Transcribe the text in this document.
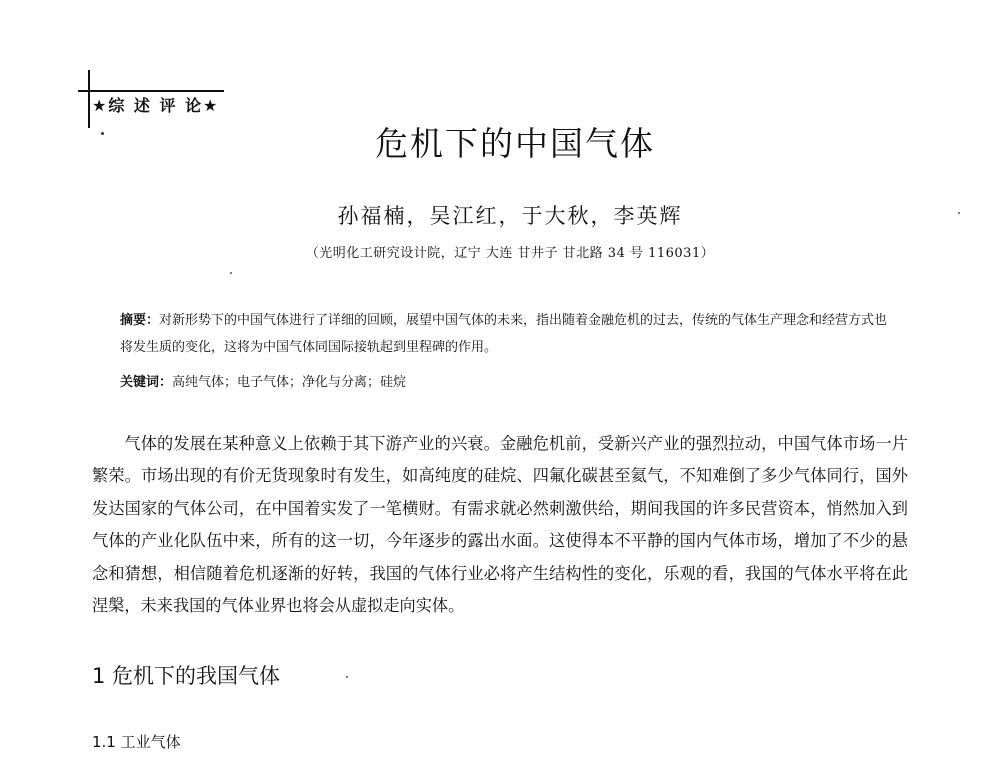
★综 述 评 论★
危机下的中国气体
孙福楠，吴江红，于大秋，李英辉
（光明化工研究设计院，辽宁 大连 甘井子 甘北路 34 号 116031）
摘要：对新形势下的中国气体进行了详细的回顾，展望中国气体的未来，指出随着金融危机的过去，传统的气体生产理念和经营方式也将发生质的变化，这将为中国气体同国际接轨起到里程碑的作用。
关键词：高纯气体；电子气体；净化与分离；硅烷
气体的发展在某种意义上依赖于其下游产业的兴衰。金融危机前，受新兴产业的强烈拉动，中国气体市场一片繁荣。市场出现的有价无货现象时有发生，如高纯度的硅烷、四氟化碳甚至氦气，不知难倒了多少气体同行，国外发达国家的气体公司，在中国着实发了一笔横财。有需求就必然刺激供给，期间我国的许多民营资本，悄然加入到气体的产业化队伍中来，所有的这一切，今年逐步的露出水面。这使得本不平静的国内气体市场，增加了不少的悬念和猜想，相信随着危机逐渐的好转，我国的气体行业必将产生结构性的变化，乐观的看，我国的气体水平将在此涅槃，未来我国的气体业界也将会从虚拟走向实体。
1 危机下的我国气体
1.1 工业气体
